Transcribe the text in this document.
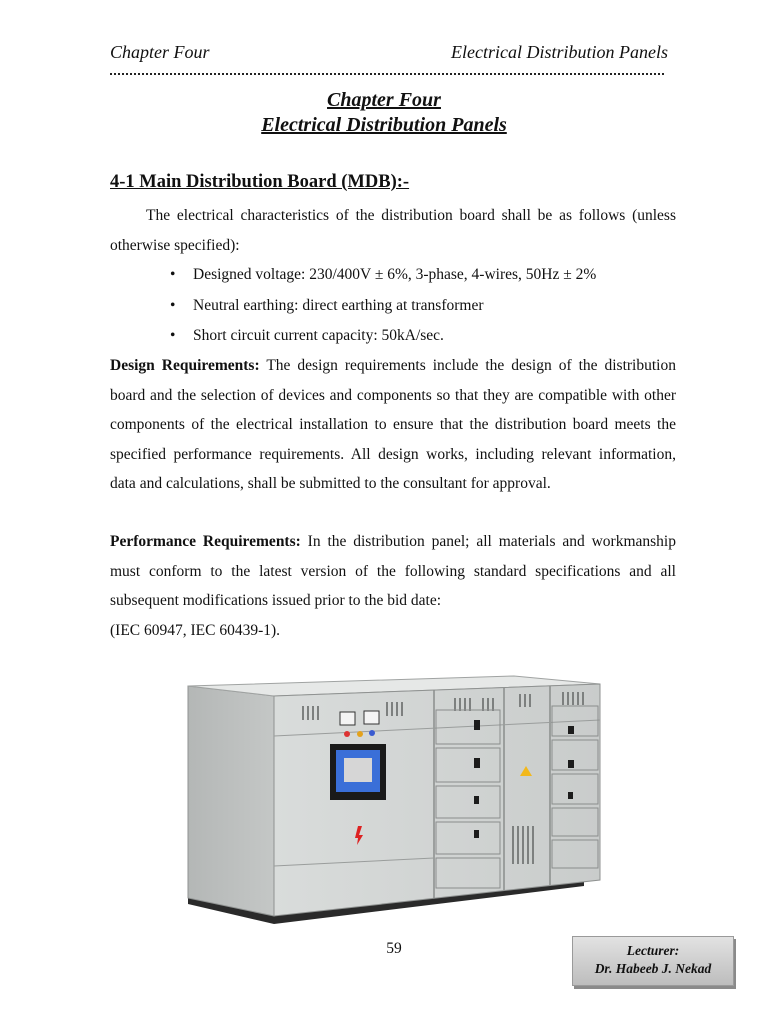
Chapter Four	Electrical Distribution Panels
Chapter Four
Electrical Distribution Panels
4-1 Main Distribution Board (MDB):-
The electrical characteristics of the distribution board shall be as follows (unless otherwise specified):
• Designed voltage: 230/400V ± 6%, 3-phase, 4-wires, 50Hz ± 2%
• Neutral earthing: direct earthing at transformer
• Short circuit current capacity: 50kA/sec.
Design Requirements: The design requirements include the design of the distribution board and the selection of devices and components so that they are compatible with other components of the electrical installation to ensure that the distribution board meets the specified performance requirements. All design works, including relevant information, data and calculations, shall be submitted to the consultant for approval.
Performance Requirements: In the distribution panel; all materials and workmanship must conform to the latest version of the following standard specifications and all subsequent modifications issued prior to the bid date:
(IEC 60947, IEC 60439-1).
59	Lecturer:
Dr. Habeeb J. Nekad
